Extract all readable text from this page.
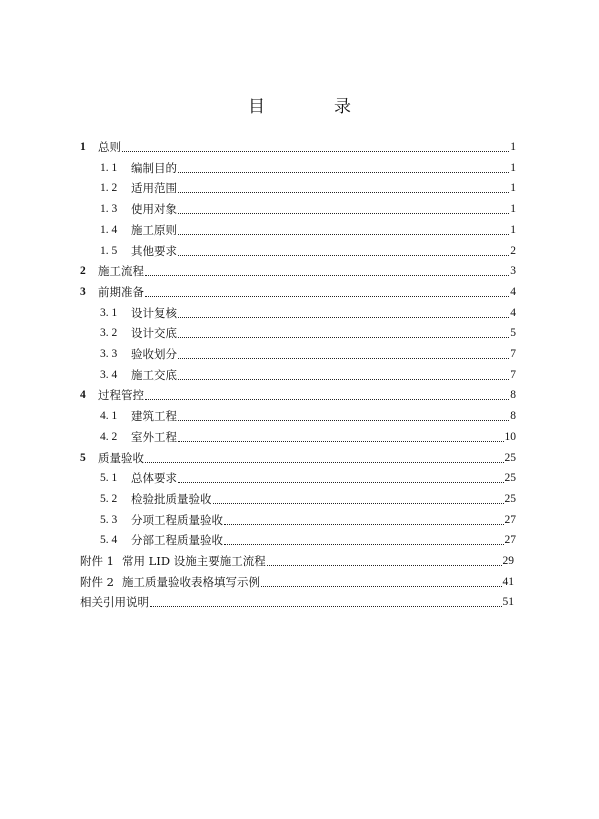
目　录
1	总则	1
1. 1	编制目的	1
1. 2	适用范围	1
1. 3	使用对象	1
1. 4	施工原则	1
1. 5	其他要求	2
2	施工流程	3
3	前期准备	4
3. 1	设计复核	4
3. 2	设计交底	5
3. 3	验收划分	7
3. 4	施工交底	7
4	过程管控	8
4. 1	建筑工程	8
4. 2	室外工程	10
5	质量验收	25
5. 1	总体要求	25
5. 2	检验批质量验收	25
5. 3	分项工程质量验收	27
5. 4	分部工程质量验收	27
附件 1 常用 LID 设施主要施工流程	29
附件 2 施工质量验收表格填写示例	41
相关引用说明	51
